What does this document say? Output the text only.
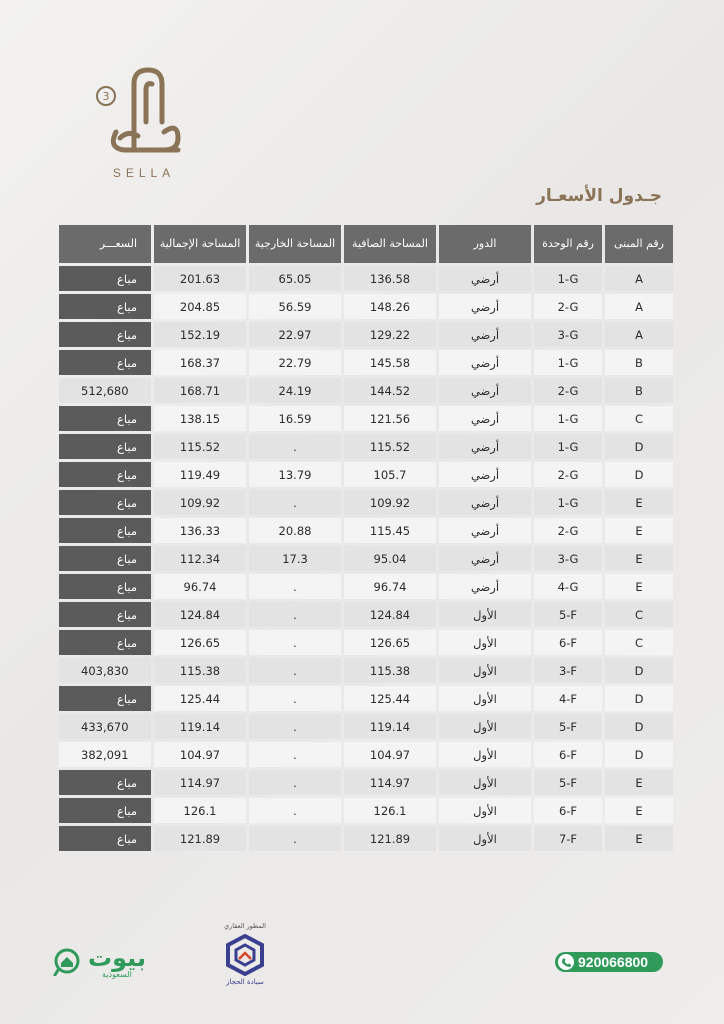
3
SELLA
جـدول الأسعـار
السعـــر	المساحة الإجمالية	المساحة الخارجية	المساحة الصافية	الدور	رقم الوحدة	رقم المبنى

مباع	201.63	65.05	136.58	أرضي	1-G	A
مباع	204.85	56.59	148.26	أرضي	2-G	A
مباع	152.19	22.97	129.22	أرضي	3-G	A
مباع	168.37	22.79	145.58	أرضي	1-G	B
512,680	168.71	24.19	144.52	أرضي	2-G	B
مباع	138.15	16.59	121.56	أرضي	1-G	C
مباع	115.52	.	115.52	أرضي	1-G	D
مباع	119.49	13.79	105.7	أرضي	2-G	D
مباع	109.92	.	109.92	أرضي	1-G	E
مباع	136.33	20.88	115.45	أرضي	2-G	E
مباع	112.34	17.3	95.04	أرضي	3-G	E
مباع	96.74	.	96.74	أرضي	4-G	E
مباع	124.84	.	124.84	الأول	5-F	C
مباع	126.65	.	126.65	الأول	6-F	C
403,830	115.38	.	115.38	الأول	3-F	D
مباع	125.44	.	125.44	الأول	4-F	D
433,670	119.14	.	119.14	الأول	5-F	D
382,091	104.97	.	104.97	الأول	6-F	D
مباع	114.97	.	114.97	الأول	5-F	E
مباع	126.1	.	126.1	الأول	6-F	E
مباع	121.89	.	121.89	الأول	7-F	E
بيوت
السعودية
المطور العقاري
سيادة الحجاز
920066800
